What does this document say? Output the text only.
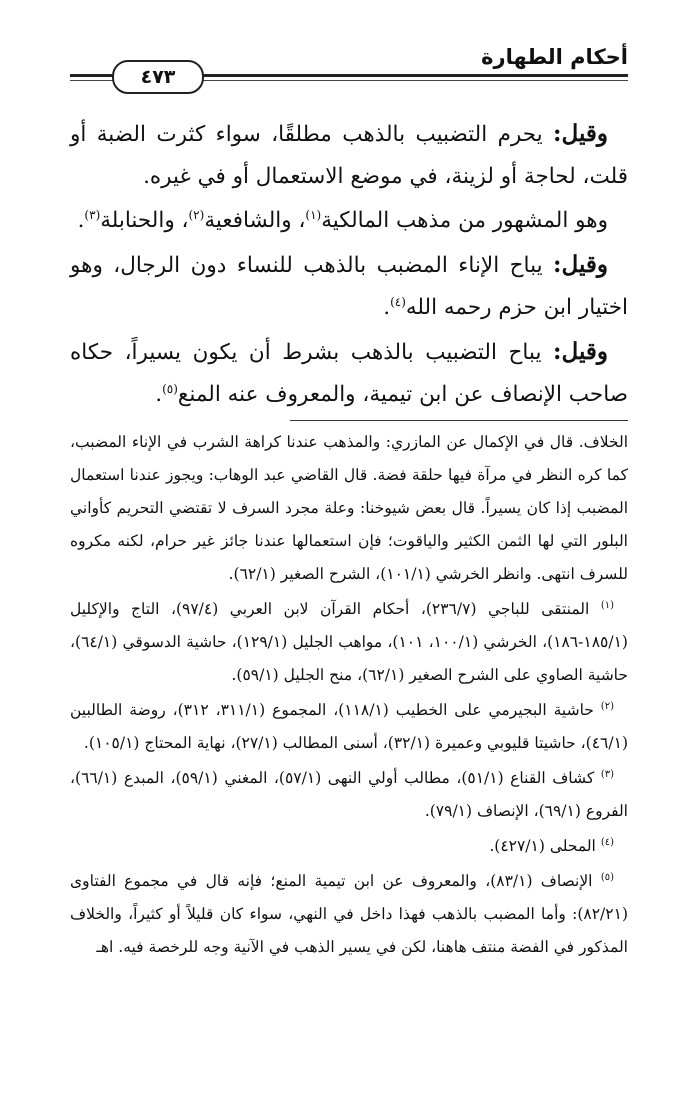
أحكام الطهارة
٤٧٣

وقيل: يحرم التضبيب بالذهب مطلقًا، سواء كثرت الضبة أو قلت، لحاجة أو لزينة، في موضع الاستعمال أو في غيره.

وهو المشهور من مذهب المالكية$^{(١)}$، والشافعية$^{(٢)}$، والحنابلة$^{(٣)}$.

وقيل: يباح الإناء المضبب بالذهب للنساء دون الرجال، وهو اختيار ابن حزم رحمه الله$^{(٤)}$.

وقيل: يباح التضبيب بالذهب بشرط أن يكون يسيراً، حكاه صاحب الإنصاف عن ابن تيمية، والمعروف عنه المنع$^{(٥)}$.

الخلاف. قال في الإكمال عن المازري: والمذهب عندنا كراهة الشرب في الإناء المضبب، كما كره النظر في مرآة فيها حلقة فضة. قال القاضي عبد الوهاب: ويجوز عندنا استعمال المضبب إذا كان يسيراً. قال بعض شيوخنا: وعلة مجرد السرف لا تقتضي التحريم كأواني البلور التي لها الثمن الكثير والياقوت؛ فإن استعمالها عندنا جائز غير حرام، لكنه مكروه للسرف انتهى. وانظر الخرشي (١٠١/١)، الشرح الصغير (٦٢/١).

$^{(١)}$ المنتقى للباجي (٢٣٦/٧)، أحكام القرآن لابن العربي (٩٧/٤)، التاج والإكليل (١٨٥/١-١٨٦)، الخرشي (١٠٠/١، ١٠١)، مواهب الجليل (١٢٩/١)، حاشية الدسوقي (٦٤/١)، حاشية الصاوي على الشرح الصغير (٦٢/١)، منح الجليل (٥٩/١).

$^{(٢)}$ حاشية البجيرمي على الخطيب (١١٨/١)، المجموع (٣١١/١، ٣١٢)، روضة الطالبين (٤٦/١)، حاشيتا قليوبي وعميرة (٣٢/١)، أسنى المطالب (٢٧/١)، نهاية المحتاج (١٠٥/١).

$^{(٣)}$ كشاف القناع (٥١/١)، مطالب أولي النهى (٥٧/١)، المغني (٥٩/١)، المبدع (٦٦/١)، الفروع (٦٩/١)، الإنصاف (٧٩/١).

$^{(٤)}$ المحلى (٤٢٧/١).

$^{(٥)}$ الإنصاف (٨٣/١)، والمعروف عن ابن تيمية المنع؛ فإنه قال في مجموع الفتاوى (٨٢/٢١): وأما المضبب بالذهب فهذا داخل في النهي، سواء كان قليلاً أو كثيراً، والخلاف المذكور في الفضة منتف هاهنا، لكن في يسير الذهب في الآنية وجه للرخصة فيه. اهـ
